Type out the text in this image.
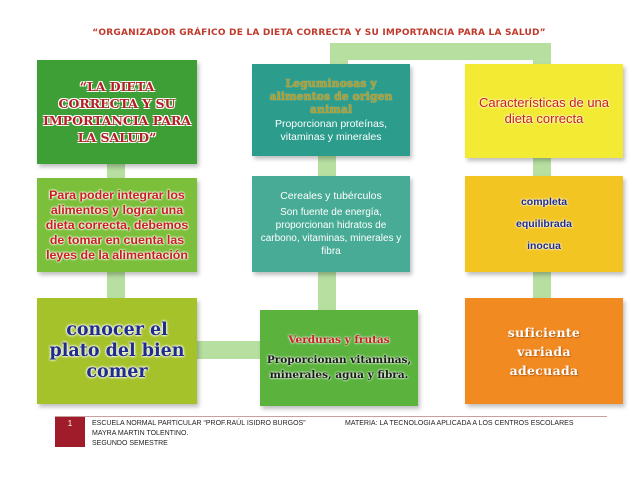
“ORGANIZADOR GRÁFICO DE LA DIETA CORRECTA Y SU IMPORTANCIA PARA LA SALUD”
“LA DIETA CORRECTA Y SU IMPORTANCIA PARA LA SALUD”
Para poder integrar los alimentos y lograr una dieta correcta, debemos de tomar en cuenta las leyes de la alimentación
conocer el plato del bien comer
Leguminosas y alimentos de origen animal
Proporcionan proteínas, vitaminas y minerales
Cereales y tubérculos
Son fuente de energía, proporcionan hidratos de carbono, vitaminas, minerales y fibra
Verduras y frutas
Proporcionan vitaminas, minerales, agua y fibra.
Características de una dieta correcta
completa
equilibrada
inocua
suficiente
variada
adecuada
1	ESCUELA NORMAL PARTICULAR “PROF.RAÚL ISIDRO BURGOS”
MAYRA MARTIN TOLENTINO.
SEGUNDO SEMESTRE
MATERIA: LA TECNOLOGIA APLICADA A LOS CENTROS ESCOLARES
